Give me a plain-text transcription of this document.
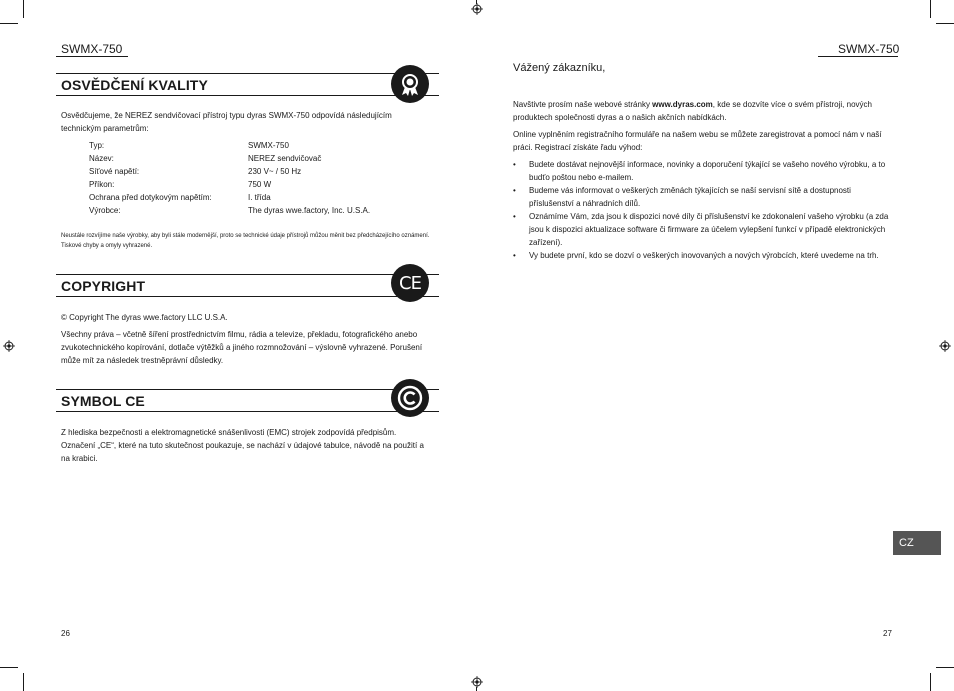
SWMX-750
OSVĚDČENÍ KVALITY
Osvědčujeme, že NEREZ sendvičovací přístroj typu dyras SWMX-750 odpovídá následujícím technickým parametrům:
Typ:	SWMX-750
Název:	NEREZ sendvičovač
Síťové napětí:	230 V~ / 50 Hz
Příkon:	750 W
Ochrana před dotykovým napětím:	I. třída
Výrobce:	The dyras wwe.factory, Inc. U.S.A.
Neustále rozvíjíme naše výrobky, aby byli stále modernější, proto se technické údaje přístrojů můžou měnit bez předcházejícího oznámení. Tiskové chyby a omyly vyhrazené.
COPYRIGHT	CE
© Copyright The dyras wwe.factory LLC U.S.A.
Všechny práva – včetně šíření prostřednictvím filmu, rádia a televize, překladu, fotografického anebo zvukotechnického kopírování, dotlače výtěžků a jiného rozmnožování – výslovně vyhrazené. Porušení může mít za následek trestněprávní důsledky.
SYMBOL CE
Z hlediska bezpečnosti a elektromagnetické snášenlivosti (EMC) strojek zodpovídá předpisům. Označení „CE“, které na tuto skutečnost poukazuje, se nachází v údajové tabulce, návodě na použití a na krabici.
26
SWMX-750
Vážený zákazníku,
Navštivte prosím naše webové stránky www.dyras.com, kde se dozvíte více o svém přístroji, nových produktech společnosti dyras a o našich akčních nabídkách.
Online vyplněním registračního formuláře na našem webu se můžete zaregistrovat a pomocí nám v naší práci. Registrací získáte řadu výhod:
• Budete dostávat nejnovější informace, novinky a doporučení týkající se vašeho nového výrobku, a to budťo poštou nebo e-mailem.
• Budeme vás informovat o veškerých změnách týkajících se naší servisní sítě a dostupnosti příslušenství a náhradních dílů.
• Oznámíme Vám, zda jsou k dispozici nové díly či příslušenství ke zdokonalení vašeho výrobku (a zda jsou k dispozici aktualizace software či firmware za účelem vylepšení funkcí v případě elektronických zařízení).
• Vy budete první, kdo se dozví o veškerých inovovaných a nových výrobcích, které uvedeme na trh.
CZ
27
